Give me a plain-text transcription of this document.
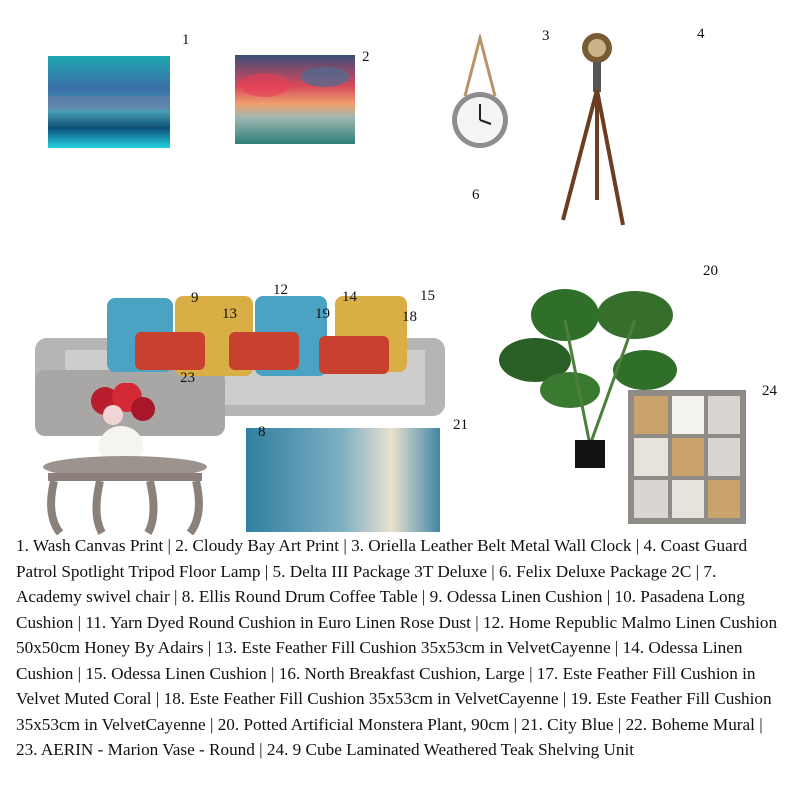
1
2
3	4
6
20
9	12	14	15
13	19	18
23
8	21
24
1. Wash Canvas Print | 2. Cloudy Bay Art Print | 3. Oriella Leather Belt Metal Wall Clock | 4. Coast Guard Patrol Spotlight Tripod Floor Lamp | 5. Delta III Package 3T Deluxe | 6. Felix Deluxe Package 2C | 7. Academy swivel chair | 8. Ellis Round Drum Coffee Table | 9. Odessa Linen Cushion | 10. Pasadena Long Cushion | 11. Yarn Dyed Round Cushion in Euro Linen Rose Dust | 12. Home Republic Malmo Linen Cushion 50x50cm Honey By Adairs | 13. Este Feather Fill Cushion 35x53cm in VelvetCayenne | 14. Odessa Linen Cushion | 15. Odessa Linen Cushion | 16. North Breakfast Cushion, Large | 17. Este Feather Fill Cushion in Velvet Muted Coral | 18. Este Feather Fill Cushion 35x53cm in VelvetCayenne | 19. Este Feather Fill Cushion 35x53cm in VelvetCayenne | 20. Potted Artificial Monstera Plant, 90cm | 21. City Blue | 22. Boheme Mural | 23. AERIN - Marion Vase - Round | 24. 9 Cube Laminated Weathered Teak Shelving Unit
